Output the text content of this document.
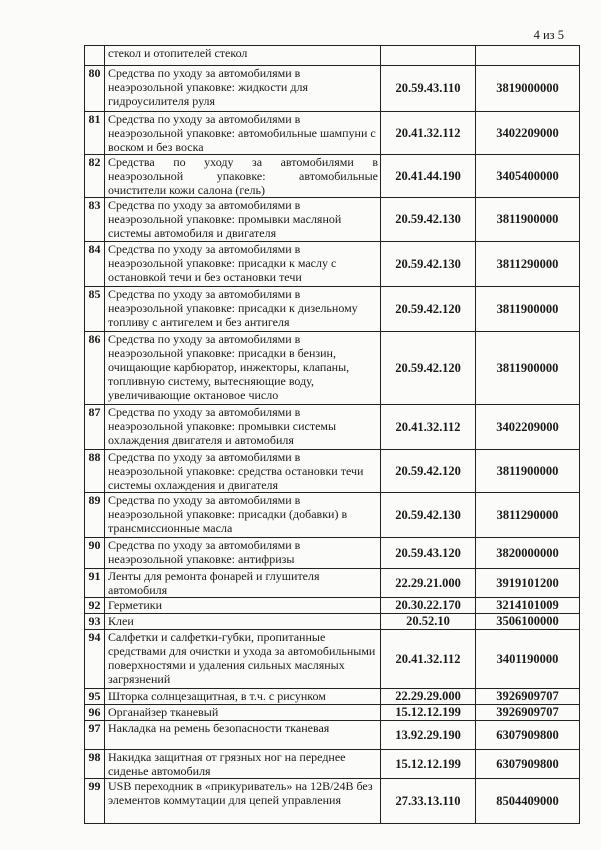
4 из 5
	стекол и отопителей стекол		
80	Средства по уходу за автомобилями в неаэрозольной упаковке: жидкости для гидроусилителя руля	20.59.43.110	3819000000
81	Средства по уходу за автомобилями в неаэрозольной упаковке: автомобильные шампуни с воском и без воска	20.41.32.112	3402209000
82	Средства по уходу за автомобилями в неаэрозольной упаковке: автомобильные очистители кожи салона (гель)	20.41.44.190	3405400000
83	Средства по уходу за автомобилями в неаэрозольной упаковке: промывки масляной системы автомобиля и двигателя	20.59.42.130	3811900000
84	Средства по уходу за автомобилями в неаэрозольной упаковке: присадки к маслу с остановкой течи и без остановки течи	20.59.42.130	3811290000
85	Средства по уходу за автомобилями в неаэрозольной упаковке: присадки к дизельному топливу с антигелем и без антигеля	20.59.42.120	3811900000
86	Средства по уходу за автомобилями в неаэрозольной упаковке: присадки в бензин, очищающие карбюратор, инжекторы, клапаны, топливную систему, вытесняющие воду, увеличивающие октановое число	20.59.42.120	3811900000
87	Средства по уходу за автомобилями в неаэрозольной упаковке: промывки системы охлаждения двигателя и автомобиля	20.41.32.112	3402209000
88	Средства по уходу за автомобилями в неаэрозольной упаковке: средства остановки течи системы охлаждения и двигателя	20.59.42.120	3811900000
89	Средства по уходу за автомобилями в неаэрозольной упаковке: присадки (добавки) в трансмиссионные масла	20.59.42.130	3811290000
90	Средства по уходу за автомобилями в неаэрозольной упаковке: антифризы	20.59.43.120	3820000000
91	Ленты для ремонта фонарей и глушителя автомобиля	22.29.21.000	3919101200
92	Герметики	20.30.22.170	3214101009
93	Клеи	20.52.10	3506100000
94	Салфетки и салфетки-губки, пропитанные средствами для очистки и ухода за автомобильными поверхностями и удаления сильных масляных загрязнений	20.41.32.112	3401190000
95	Шторка солнцезащитная, в т.ч. с рисунком	22.29.29.000	3926909707
96	Органайзер тканевый	15.12.12.199	3926909707
97	Накладка на ремень безопасности тканевая	13.92.29.190	6307909800
98	Накидка защитная от грязных ног на переднее сиденье автомобиля	15.12.12.199	6307909800
99	USB переходник в «прикуриватель» на 12В/24В без элементов коммутации для цепей управления	27.33.13.110	8504409000
